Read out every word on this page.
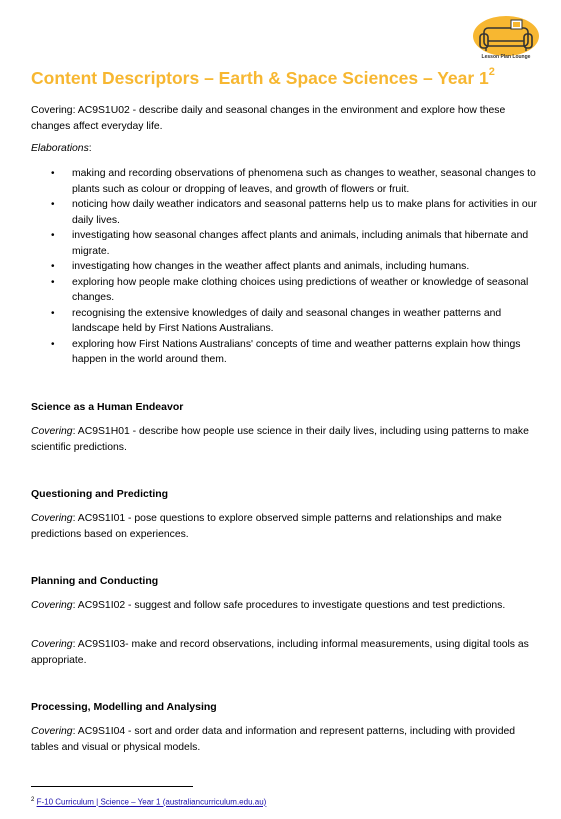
Lesson Plan Lounge
Content Descriptors – Earth & Space Sciences – Year $1^2$
Covering: AC9S1U02 - describe daily and seasonal changes in the environment and explore how these changes affect everyday life.
Elaborations:
• making and recording observations of phenomena such as changes to weather, seasonal changes to plants such as colour or dropping of leaves, and growth of flowers or fruit.
• noticing how daily weather indicators and seasonal patterns help us to make plans for activities in our daily lives.
• investigating how seasonal changes affect plants and animals, including animals that hibernate and migrate.
• investigating how changes in the weather affect plants and animals, including humans.
• exploring how people make clothing choices using predictions of weather or knowledge of seasonal changes.
• recognising the extensive knowledges of daily and seasonal changes in weather patterns and landscape held by First Nations Australians.
• exploring how First Nations Australians' concepts of time and weather patterns explain how things happen in the world around them.
Science as a Human Endeavor
Covering: AC9S1H01 - describe how people use science in their daily lives, including using patterns to make scientific predictions.
Questioning and Predicting
Covering: AC9S1I01 - pose questions to explore observed simple patterns and relationships and make predictions based on experiences.
Planning and Conducting
Covering: AC9S1I02 - suggest and follow safe procedures to investigate questions and test predictions.
Covering: AC9S1I03- make and record observations, including informal measurements, using digital tools as appropriate.
Processing, Modelling and Analysing
Covering: AC9S1I04 - sort and order data and information and represent patterns, including with provided tables and visual or physical models.
$^2$ F-10 Curriculum | Science – Year 1 (australiancurriculum.edu.au)
